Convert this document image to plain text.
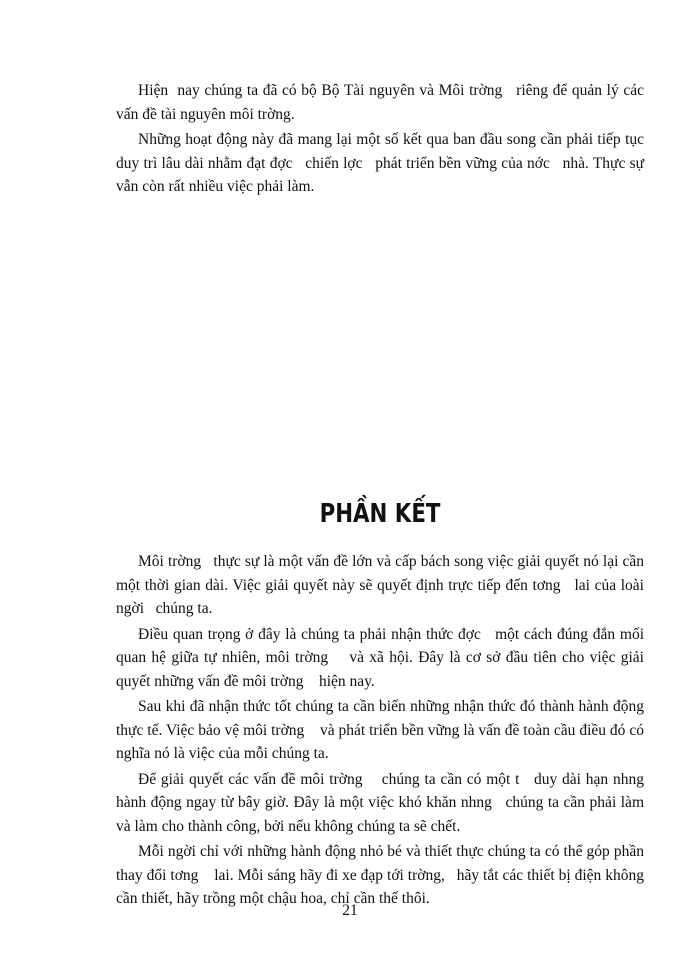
Hiện  nay chúng ta đã có bộ Bộ Tài nguyên và Môi trờng   riêng để quản lý các vấn đề tài nguyên môi trờng.

Những hoạt động này đã mang lại một số kết qua ban đầu song cần phải tiếp tục duy trì lâu dài nhằm đạt đợc   chiến lợc   phát triển bền vững của nớc   nhà. Thực sự vẫn còn rất nhiều việc phải làm.

PHẦN KẾT

Môi trờng   thực sự là một vấn đề lớn và cấp bách song việc giải quyết nó lại cần một thời gian dài. Việc giải quyết này sẽ quyết định trực tiếp đến tơng   lai của loài ngời   chúng ta.

Điều quan trọng ở đây là chúng ta phải nhận thức đợc   một cách đúng đắn mối quan hệ giữa tự nhiên, môi trờng    và xã hội. Đây là cơ sở đầu tiên cho việc giải quyết những vấn đề môi trờng    hiện nay.

Sau khi đã nhận thức tốt chúng ta cần biến những nhận thức đó thành hành động thực tế. Việc bảo vệ môi trờng    và phát triển bền vững là vấn đề toàn cầu điều đó có nghĩa nó là việc của mỗi chúng ta.

Để giải quyết các vấn đề môi trờng    chúng ta cần có một t   duy dài hạn nhng   hành động ngay từ bây giờ. Đây là một việc khó khăn nhng   chúng ta cần phải làm và làm cho thành công, bởi nếu không chúng ta sẽ chết.

Mỗi ngời chỉ với những hành động nhỏ bé và thiết thực chúng ta có thể góp phần thay đổi tơng    lai. Mỗi sáng hãy đi xe đạp tới trờng,   hãy tắt các thiết bị điện không cần thiết, hãy trồng một chậu hoa, chỉ cần thế thôi.

21
